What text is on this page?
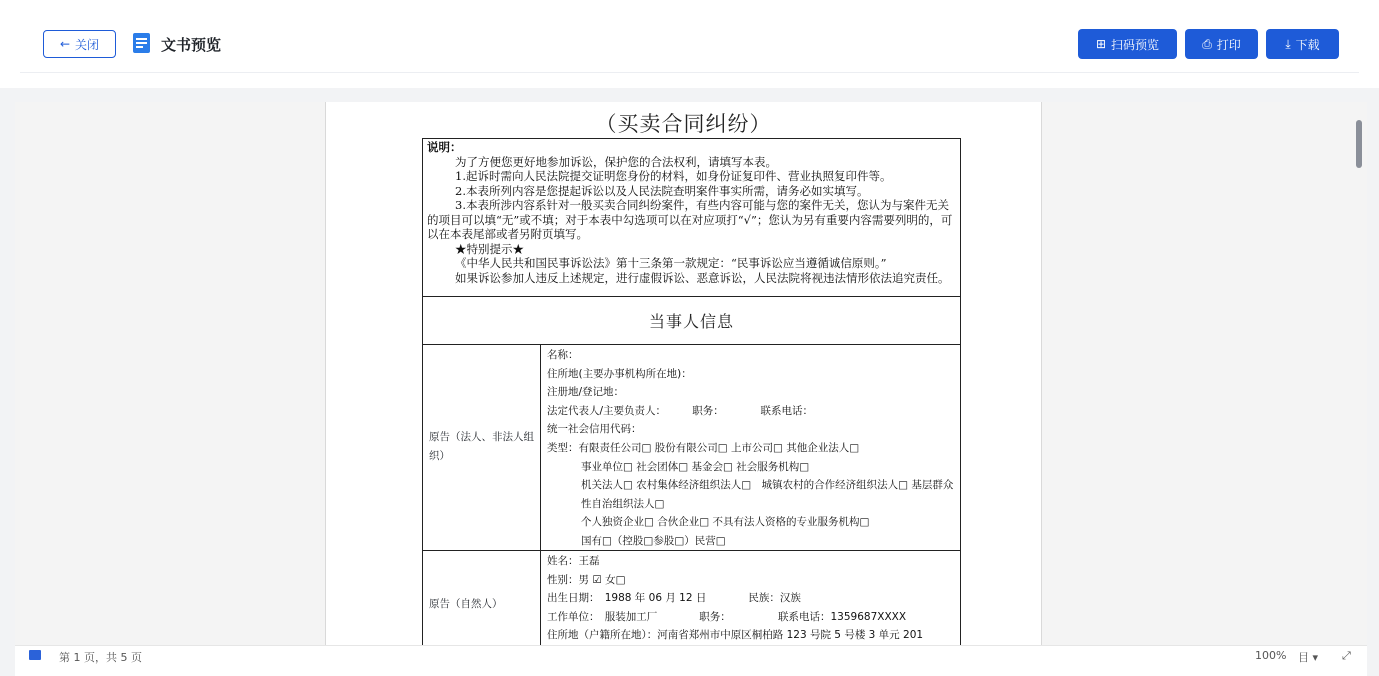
← 关闭	文书预览	⊞ 扫码预览	⎙ 打印	⤓ 下载
（买卖合同纠纷）
说明：
为了方便您更好地参加诉讼，保护您的合法权利，请填写本表。
1.起诉时需向人民法院提交证明您身份的材料，如身份证复印件、营业执照复印件等。
2.本表所列内容是您提起诉讼以及人民法院查明案件事实所需，请务必如实填写。
3.本表所涉内容系针对一般买卖合同纠纷案件，有些内容可能与您的案件无关，您认为与案件无关的项目可以填“无”或不填；对于本表中勾选项可以在对应项打“√”；您认为另有重要内容需要列明的，可以在本表尾部或者另附页填写。
★特别提示★
《中华人民共和国民事诉讼法》第十三条第一款规定：“民事诉讼应当遵循诚信原则。”
如果诉讼参加人违反上述规定，进行虚假诉讼、恶意诉讼，人民法院将视违法情形依法追究责任。
当事人信息
原告（法人、非法人组织）
名称：
住所地(主要办事机构所在地)：
注册地/登记地：
法定代表人/主要负责人：　　　职务：　　　　联系电话：
统一社会信用代码：
类型：有限责任公司□ 股份有限公司□ 上市公司□ 其他企业法人□
事业单位□ 社会团体□ 基金会□ 社会服务机构□
机关法人□ 农村集体经济组织法人□　城镇农村的合作经济组织法人□ 基层群众性自治组织法人□
个人独资企业□ 合伙企业□ 不具有法人资格的专业服务机构□
国有□（控股□参股□）民营□
原告（自然人）
姓名：王磊
性别：男 ☑ 女□
出生日期：　1988 年 06 月 12 日　　　　民族：汉族
工作单位：　服装加工厂　　　　职务：　　　　　联系电话：1359687XXXX
住所地（户籍所在地）：河南省郑州市中原区桐柏路 123 号院 5 号楼 3 单元 201
第 1 页，共 5 页	100% 目 ▾ ⤢
